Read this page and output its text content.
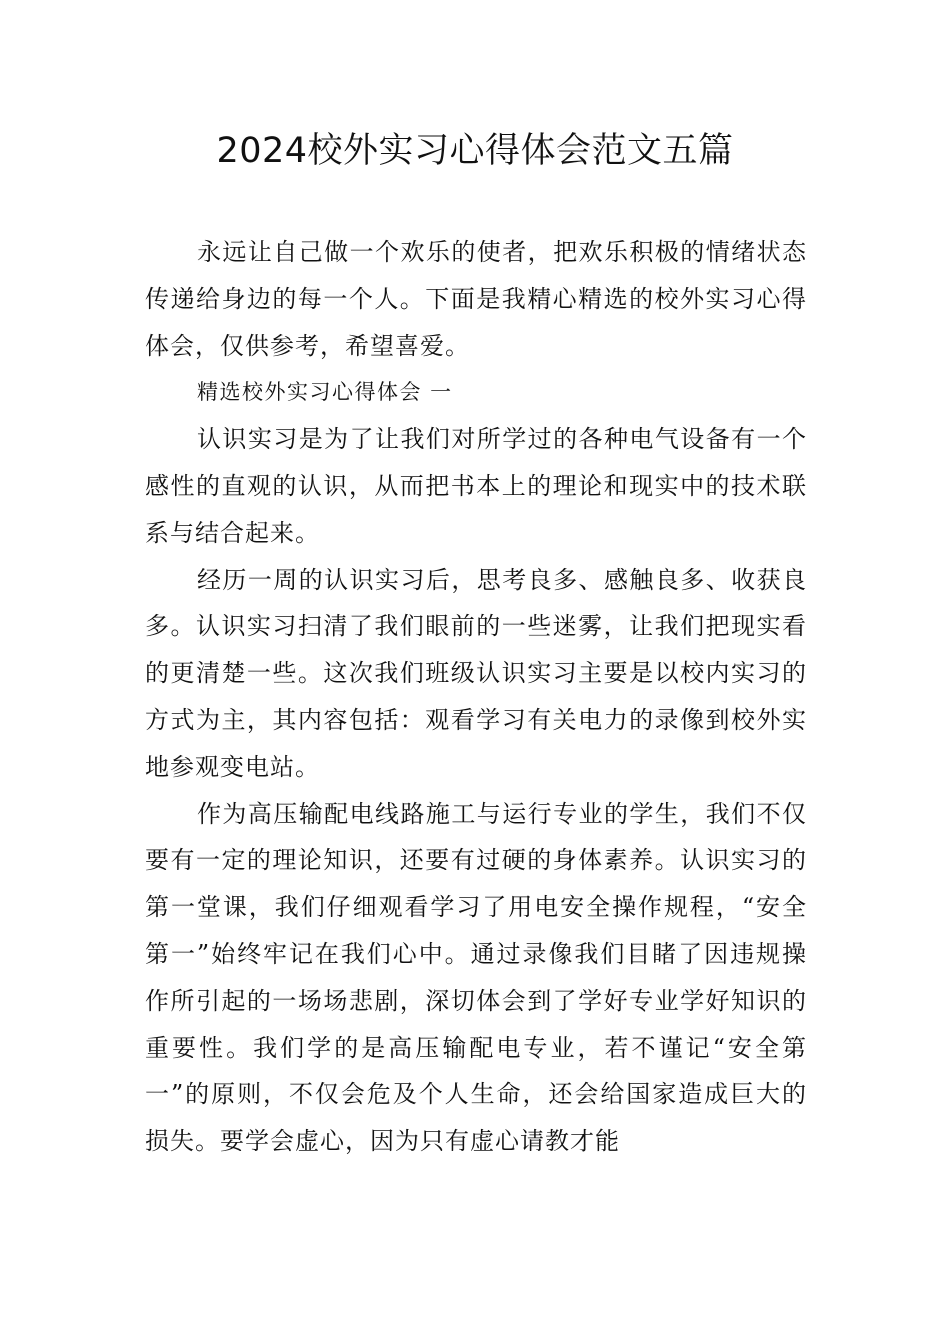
2024校外实习心得体会范文五篇

永远让自己做一个欢乐的使者，把欢乐积极的情绪状态传递给身边的每一个人。下面是我精心精选的校外实习心得体会，仅供参考，希望喜爱。

精选校外实习心得体会 一

认识实习是为了让我们对所学过的各种电气设备有一个感性的直观的认识，从而把书本上的理论和现实中的技术联系与结合起来。

经历一周的认识实习后，思考良多、感触良多、收获良多。认识实习扫清了我们眼前的一些迷雾，让我们把现实看的更清楚一些。这次我们班级认识实习主要是以校内实习的方式为主，其内容包括：观看学习有关电力的录像到校外实地参观变电站。

作为高压输配电线路施工与运行专业的学生，我们不仅要有一定的理论知识，还要有过硬的身体素养。认识实习的第一堂课，我们仔细观看学习了用电安全操作规程，“安全第一”始终牢记在我们心中。通过录像我们目睹了因违规操作所引起的一场场悲剧，深切体会到了学好专业学好知识的重要性。我们学的是高压输配电专业，若不谨记“安全第一”的原则，不仅会危及个人生命，还会给国家造成巨大的损失。要学会虚心，因为只有虚心请教才能
